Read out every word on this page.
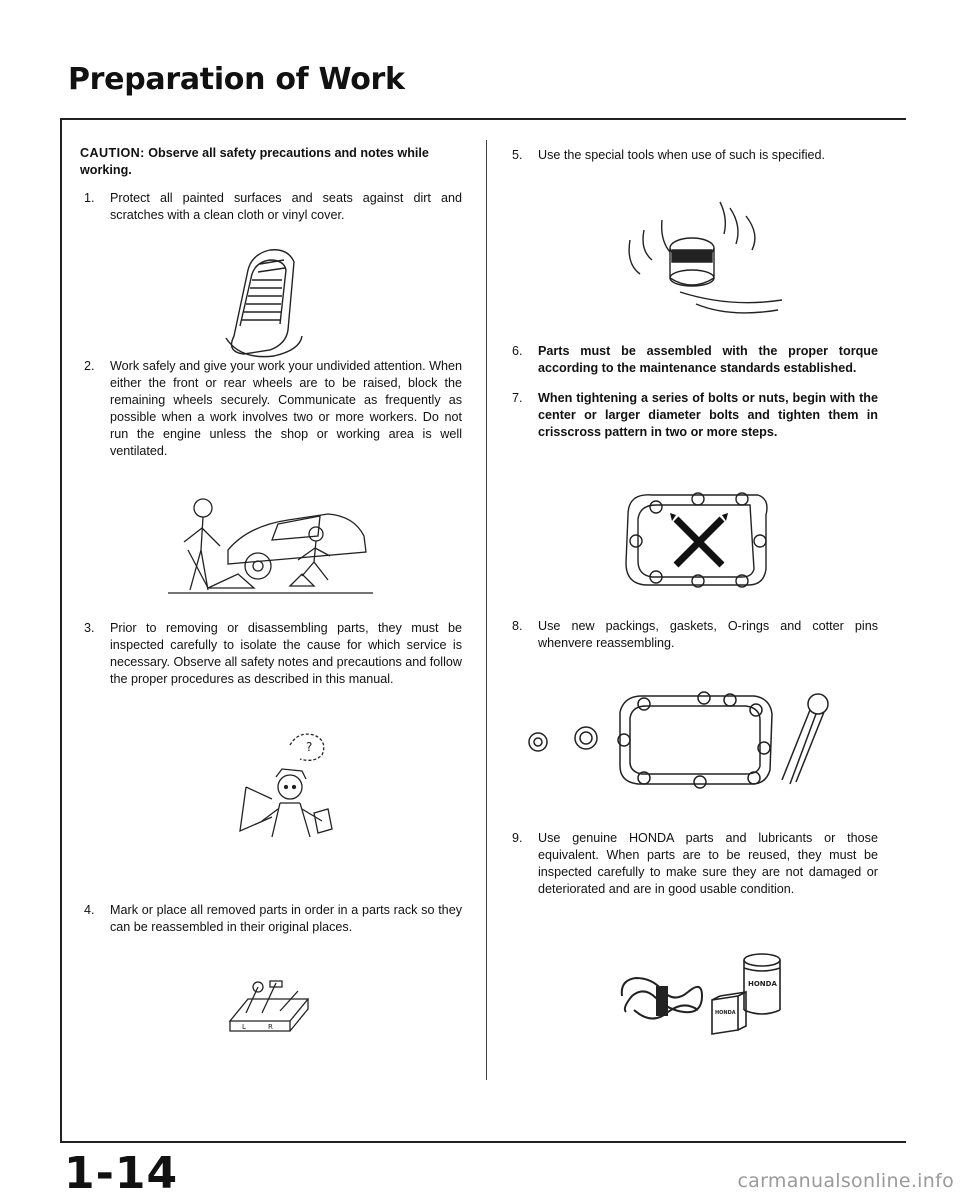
Preparation of Work
CAUTION: Observe all safety precautions and notes while working.
1.	Protect all painted surfaces and seats against dirt and scratches with a clean cloth or vinyl cover.
2.	Work safely and give your work your undivided attention. When either the front or rear wheels are to be raised, block the remaining wheels securely. Communicate as frequently as possible when a work involves two or more workers. Do not run the engine unless the shop or working area is well ventilated.
3.	Prior to removing or disassembling parts, they must be inspected carefully to isolate the cause for which service is necessary. Observe all safety notes and precautions and follow the proper procedures as described in this manual.
?
4.	Mark or place all removed parts in order in a parts rack so they can be reassembled in their original places.
L	R
5.	Use the special tools when use of such is specified.
6.	Parts must be assembled with the proper torque according to the maintenance standards established.
7.	When tightening a series of bolts or nuts, begin with the center or larger diameter bolts and tighten them in crisscross pattern in two or more steps.
8.	Use new packings, gaskets, O-rings and cotter pins whenvere reassembling.
9.	Use genuine HONDA parts and lubricants or those equivalent. When parts are to be reused, they must be inspected carefully to make sure they are not damaged or deteriorated and are in good usable condition.
HONDA
HONDA
1-14	carmanualsonline.info
